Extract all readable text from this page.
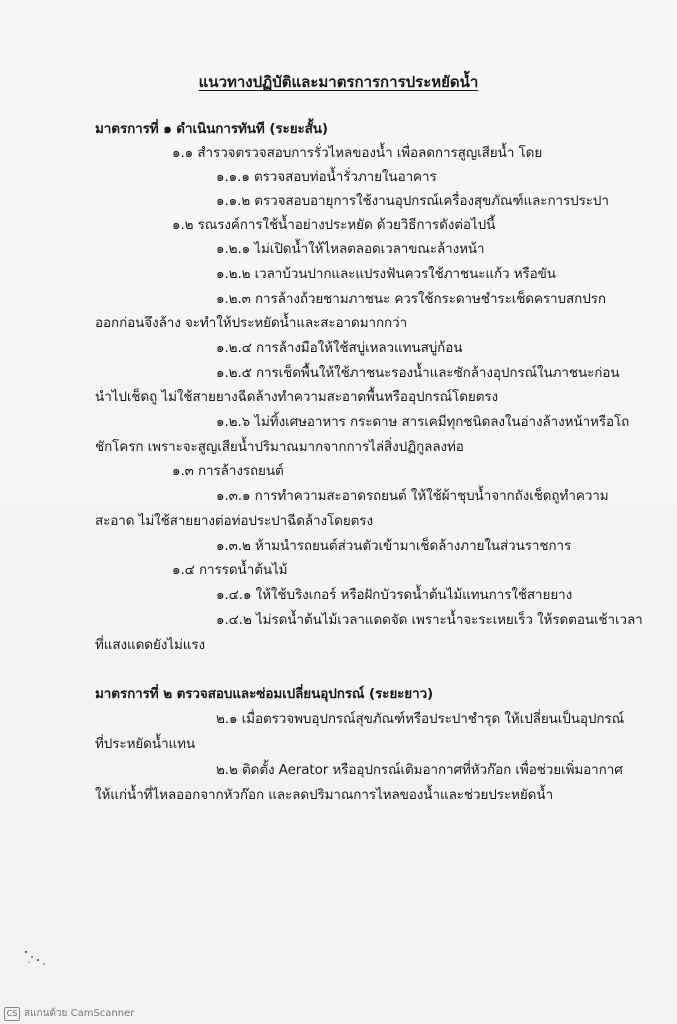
แนวทางปฏิบัติและมาตรการการประหยัดน้ำ
มาตรการที่ ๑ ดำเนินการทันที (ระยะสั้น)
๑.๑ สำรวจตรวจสอบการรั่วไหลของน้ำ เพื่อลดการสูญเสียน้ำ โดย
๑.๑.๑ ตรวจสอบท่อน้ำรั่วภายในอาคาร
๑.๑.๒ ตรวจสอบอายุการใช้งานอุปกรณ์เครื่องสุขภัณฑ์และการประปา
๑.๒ รณรงค์การใช้น้ำอย่างประหยัด ด้วยวิธีการดังต่อไปนี้
๑.๒.๑ ไม่เปิดน้ำให้ไหลตลอดเวลาขณะล้างหน้า
๑.๒.๒ เวลาบ้วนปากและแปรงฟันควรใช้ภาชนะแก้ว หรือขัน
๑.๒.๓ การล้างถ้วยชามภาชนะ ควรใช้กระดาษชำระเช็ดคราบสกปรก
ออกก่อนจึงล้าง จะทำให้ประหยัดน้ำและสะอาดมากกว่า
๑.๒.๔ การล้างมือให้ใช้สบู่เหลวแทนสบู่ก้อน
๑.๒.๕ การเช็ดพื้นให้ใช้ภาชนะรองน้ำและซักล้างอุปกรณ์ในภาชนะก่อน
นำไปเช็ดถู ไม่ใช้สายยางฉีดล้างทำความสะอาดพื้นหรืออุปกรณ์โดยตรง
๑.๒.๖ ไม่ทิ้งเศษอาหาร กระดาษ สารเคมีทุกชนิดลงในอ่างล้างหน้าหรือโถ
ชักโครก เพราะจะสูญเสียน้ำปริมาณมากจากการไล่สิ่งปฏิกูลลงท่อ
๑.๓ การล้างรถยนต์
๑.๓.๑ การทำความสะอาดรถยนต์ ให้ใช้ผ้าชุบน้ำจากถังเช็ดถูทำความ
สะอาด ไม่ใช้สายยางต่อท่อประปาฉีดล้างโดยตรง
๑.๓.๒ ห้ามนำรถยนต์ส่วนตัวเข้ามาเช็ดล้างภายในส่วนราชการ
๑.๔ การรดน้ำต้นไม้
๑.๔.๑ ให้ใช้บริงเกอร์ หรือฝักบัวรดน้ำต้นไม้แทนการใช้สายยาง
๑.๔.๒ ไม่รดน้ำต้นไม้เวลาแดดจัด เพราะน้ำจะระเหยเร็ว ให้รดตอนเช้าเวลา
ที่แสงแดดยังไม่แรง
มาตรการที่ ๒ ตรวจสอบและซ่อมเปลี่ยนอุปกรณ์ (ระยะยาว)
๒.๑ เมื่อตรวจพบอุปกรณ์สุขภัณฑ์หรือประปาชำรุด ให้เปลี่ยนเป็นอุปกรณ์
ที่ประหยัดน้ำแทน
๒.๒ ติดตั้ง Aerator หรืออุปกรณ์เติมอากาศที่หัวก๊อก เพื่อช่วยเพิ่มอากาศ
ให้แก่น้ำที่ไหลออกจากหัวก๊อก และลดปริมาณการไหลของน้ำและช่วยประหยัดน้ำ
CS สแกนด้วย CamScanner
